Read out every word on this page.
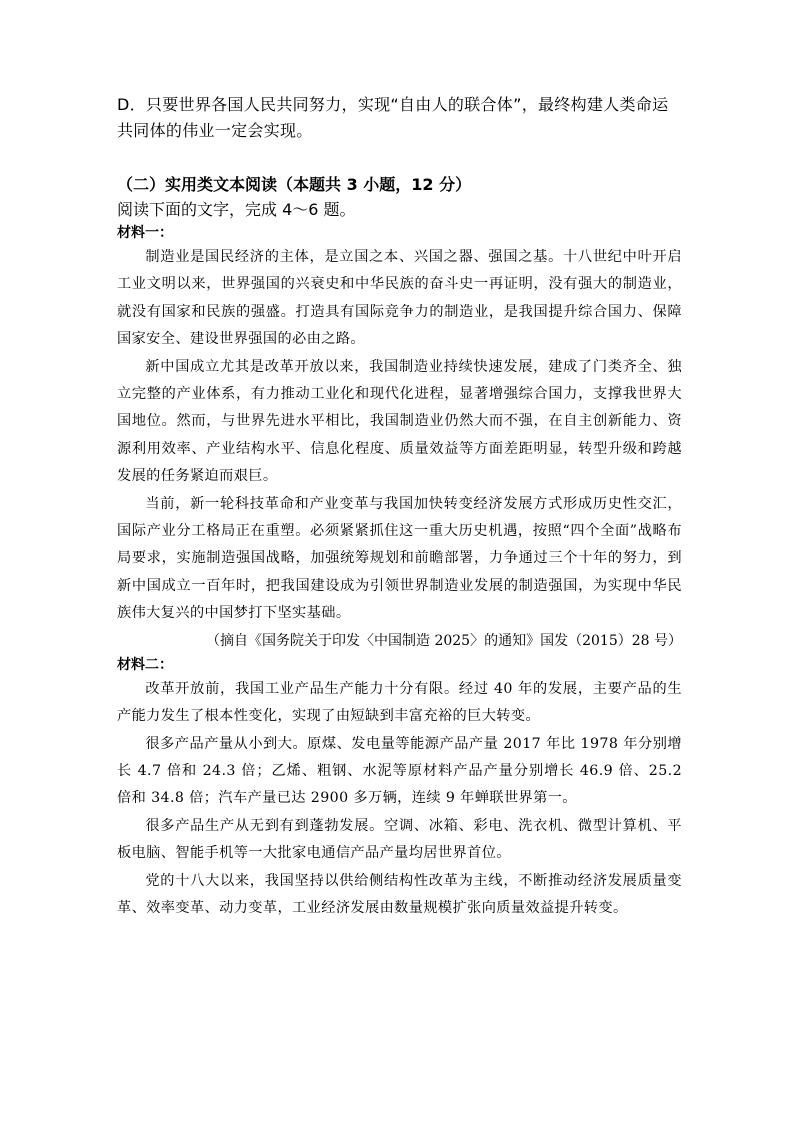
D．只要世界各国人民共同努力，实现“自由人的联合体”，最终构建人类命运共同体的伟业一定会实现。

（二）实用类文本阅读（本题共 3 小题，12 分）

阅读下面的文字，完成 4～6 题。

材料一：

制造业是国民经济的主体，是立国之本、兴国之器、强国之基。十八世纪中叶开启工业文明以来，世界强国的兴衰史和中华民族的奋斗史一再证明，没有强大的制造业，就没有国家和民族的强盛。打造具有国际竞争力的制造业，是我国提升综合国力、保障国家安全、建设世界强国的必由之路。

新中国成立尤其是改革开放以来，我国制造业持续快速发展，建成了门类齐全、独立完整的产业体系，有力推动工业化和现代化进程，显著增强综合国力，支撑我世界大国地位。然而，与世界先进水平相比，我国制造业仍然大而不强，在自主创新能力、资源利用效率、产业结构水平、信息化程度、质量效益等方面差距明显，转型升级和跨越发展的任务紧迫而艰巨。

当前，新一轮科技革命和产业变革与我国加快转变经济发展方式形成历史性交汇，国际产业分工格局正在重塑。必须紧紧抓住这一重大历史机遇，按照“四个全面”战略布局要求，实施制造强国战略，加强统筹规划和前瞻部署，力争通过三个十年的努力，到新中国成立一百年时，把我国建设成为引领世界制造业发展的制造强国，为实现中华民族伟大复兴的中国梦打下坚实基础。

（摘自《国务院关于印发〈中国制造 2025〉的通知》国发（2015）28 号）

材料二：

改革开放前，我国工业产品生产能力十分有限。经过 40 年的发展，主要产品的生产能力发生了根本性变化，实现了由短缺到丰富充裕的巨大转变。

很多产品产量从小到大。原煤、发电量等能源产品产量 2017 年比 1978 年分别增长 4.7 倍和 24.3 倍；乙烯、粗钢、水泥等原材料产品产量分别增长 46.9 倍、25.2 倍和 34.8 倍；汽车产量已达 2900 多万辆，连续 9 年蝉联世界第一。

很多产品生产从无到有到蓬勃发展。空调、冰箱、彩电、洗衣机、微型计算机、平板电脑、智能手机等一大批家电通信产品产量均居世界首位。

党的十八大以来，我国坚持以供给侧结构性改革为主线，不断推动经济发展质量变革、效率变革、动力变革，工业经济发展由数量规模扩张向质量效益提升转变。
